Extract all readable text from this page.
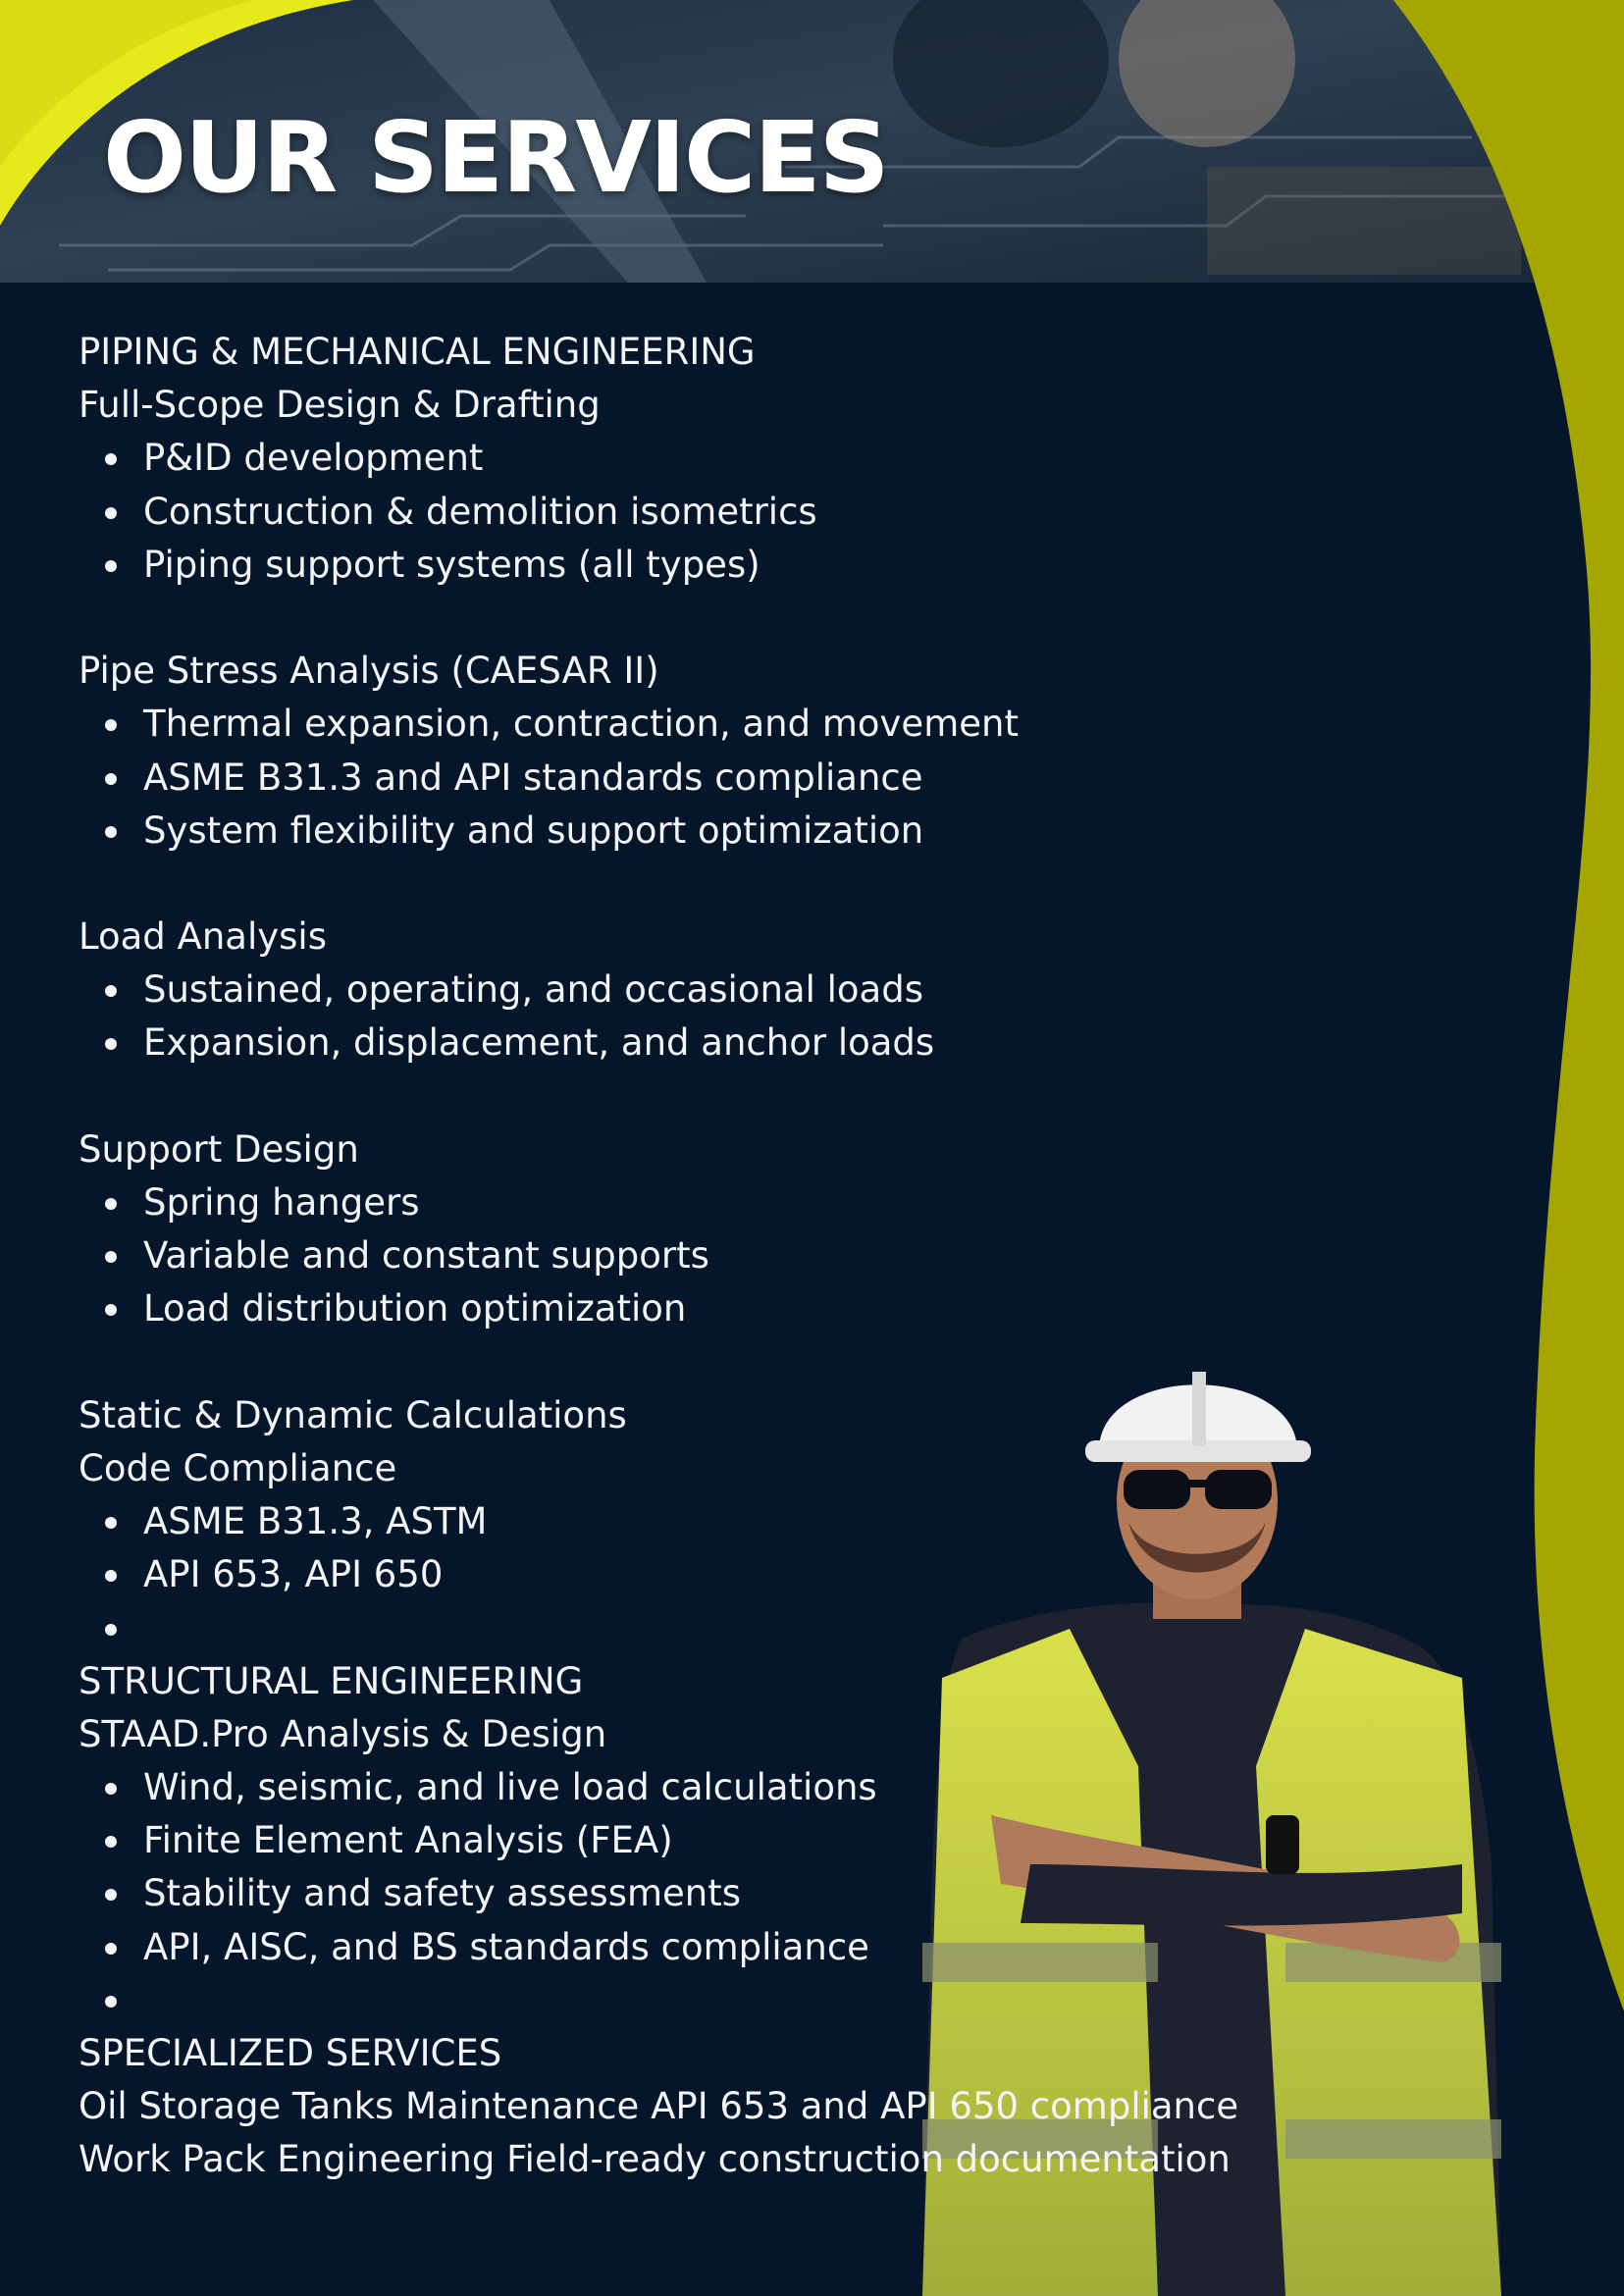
OUR SERVICES
PIPING & MECHANICAL ENGINEERING
Full-Scope Design & Drafting
P&ID development
Construction & demolition isometrics
Piping support systems (all types)
Pipe Stress Analysis (CAESAR II)
Thermal expansion, contraction, and movement
ASME B31.3 and API standards compliance
System flexibility and support optimization
Load Analysis
Sustained, operating, and occasional loads
Expansion, displacement, and anchor loads
Support Design
Spring hangers
Variable and constant supports
Load distribution optimization
Static & Dynamic Calculations
Code Compliance
ASME B31.3, ASTM
API 653, API 650
STRUCTURAL ENGINEERING
STAAD.Pro Analysis & Design
Wind, seismic, and live load calculations
Finite Element Analysis (FEA)
Stability and safety assessments
API, AISC, and BS standards compliance
SPECIALIZED SERVICES
Oil Storage Tanks Maintenance API 653 and API 650 compliance
Work Pack Engineering Field-ready construction documentation
